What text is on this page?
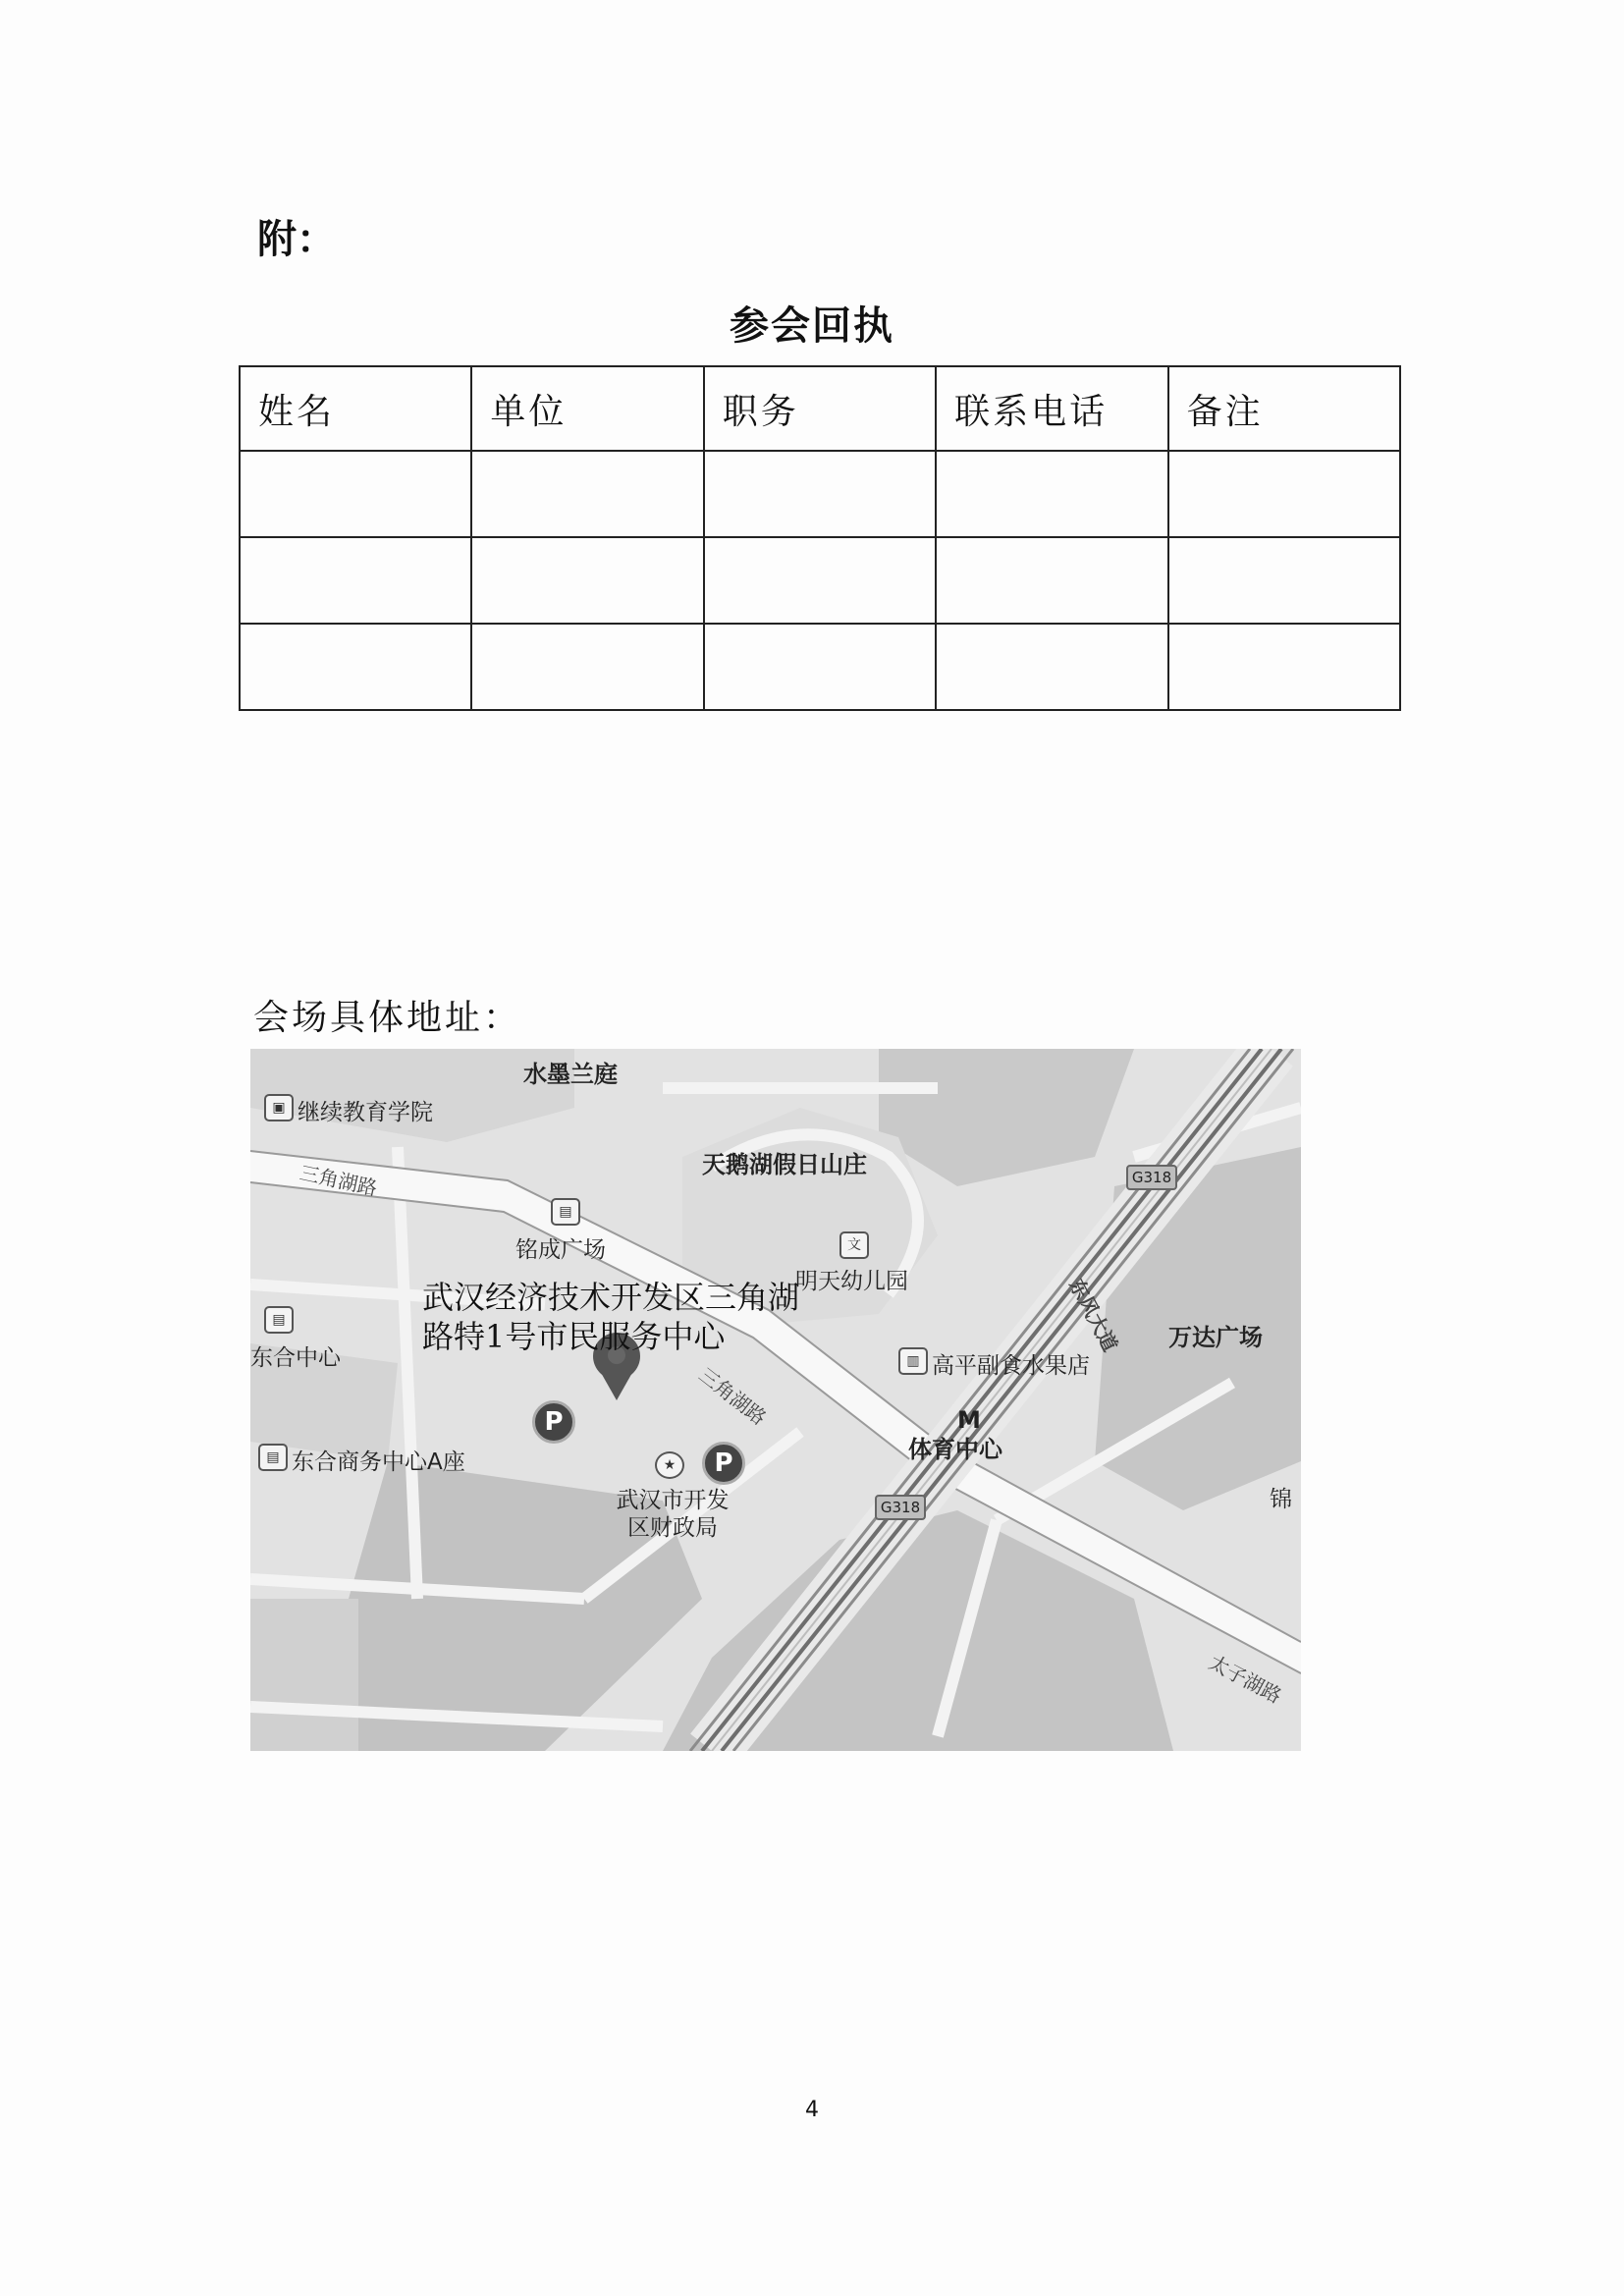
附：
参会回执
姓名	单位	职务	联系电话	备注

会场具体地址：
水墨兰庭
▣ 继续教育学院
天鹅湖假日山庄	G318
三角湖路
▤
铭成广场	文
明天幼儿园	东风大道
武汉经济技术开发区三角湖路特1号市民服务中心
▤
东合中心
万达广场
▥ 高平副食水果店
三角湖路
P	M
体育中心
▤ 东合商务中心A座	★	P
锦
武汉市开发区财政局
G318
太子湖路
4
